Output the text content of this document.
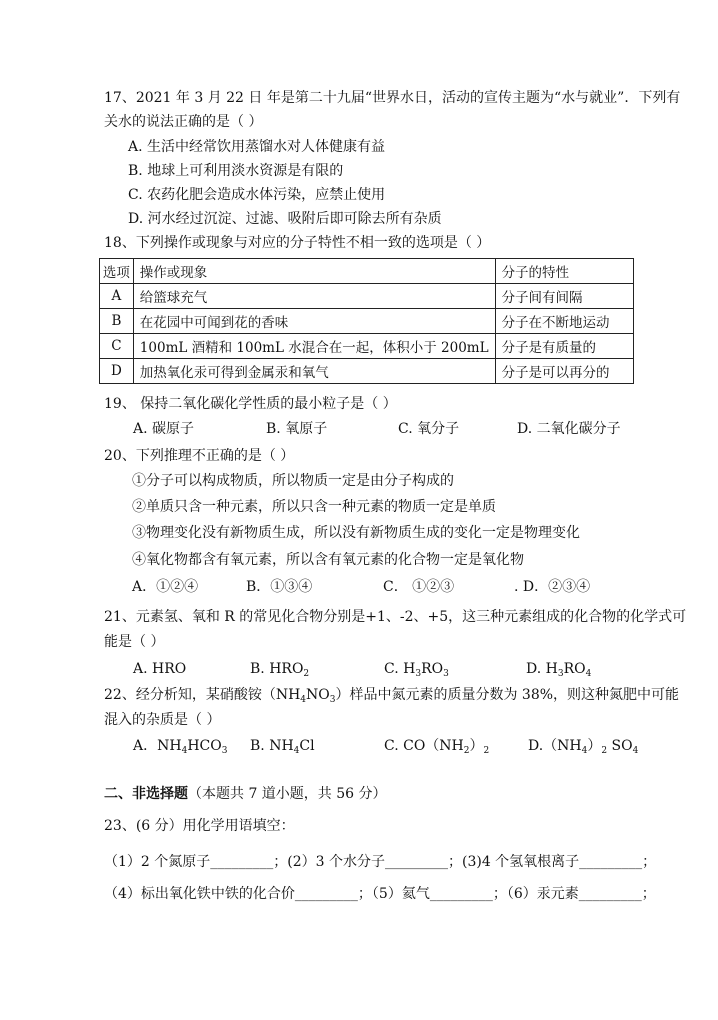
17、2021 年 3 月 22 日 年是第二十九届“世界水日，活动的宣传主题为“水与就业”．下列有
关水的说法正确的是（ ）
A. 生活中经常饮用蒸馏水对人体健康有益
B. 地球上可利用淡水资源是有限的
C. 农药化肥会造成水体污染，应禁止使用
D. 河水经过沉淀、过滤、吸附后即可除去所有杂质
18、下列操作或现象与对应的分子特性不相一致的选项是（ ）
选项	操作或现象	分子的特性
A	给篮球充气	分子间有间隔
B	在花园中可闻到花的香味	分子在不断地运动
C	100mL 酒精和 100mL 水混合在一起，体积小于 200mL	分子是有质量的
D	加热氧化汞可得到金属汞和氧气	分子是可以再分的
19、 保持二氧化碳化学性质的最小粒子是（ ）
A. 碳原子	B. 氧原子	C. 氧分子	D. 二氧化碳分子
20、下列推理不正确的是（ ）
①分子可以构成物质，所以物质一定是由分子构成的
②单质只含一种元素，所以只含一种元素的物质一定是单质
③物理变化没有新物质生成，所以没有新物质生成的变化一定是物理变化
④氧化物都含有氧元素，所以含有氧元素的化合物一定是氧化物
A．①②④	B．①③④	C． ①②③	. D．②③④
21、元素氢、氧和 R 的常见化合物分别是+1、-2、+5，这三种元素组成的化合物的化学式可
能是（ ）
A. HRO	B. $HRO_2$	C. $H_3RO_3$	D. $H_3RO_4$
22、经分析知，某硝酸铵$(NH_4NO_3)$样品中氮元素的质量分数为 38%，则这种氮肥中可能
混入的杂质是（ ）
A．$NH_4HCO_3$ B. $NH_4Cl$	C. $CO(NH_2)_2$	$D.(NH_4)_2$ $SO_4$
二、非选择题（本题共 7 道小题，共 56 分）
23、(6 分）用化学用语填空：
（1）2 个氮原子_________；(2）3 个水分子_________；(3)4 个氢氧根离子_________；
（4）标出氧化铁中铁的化合价_________；（5）氦气_________；（6）汞元素_________；
